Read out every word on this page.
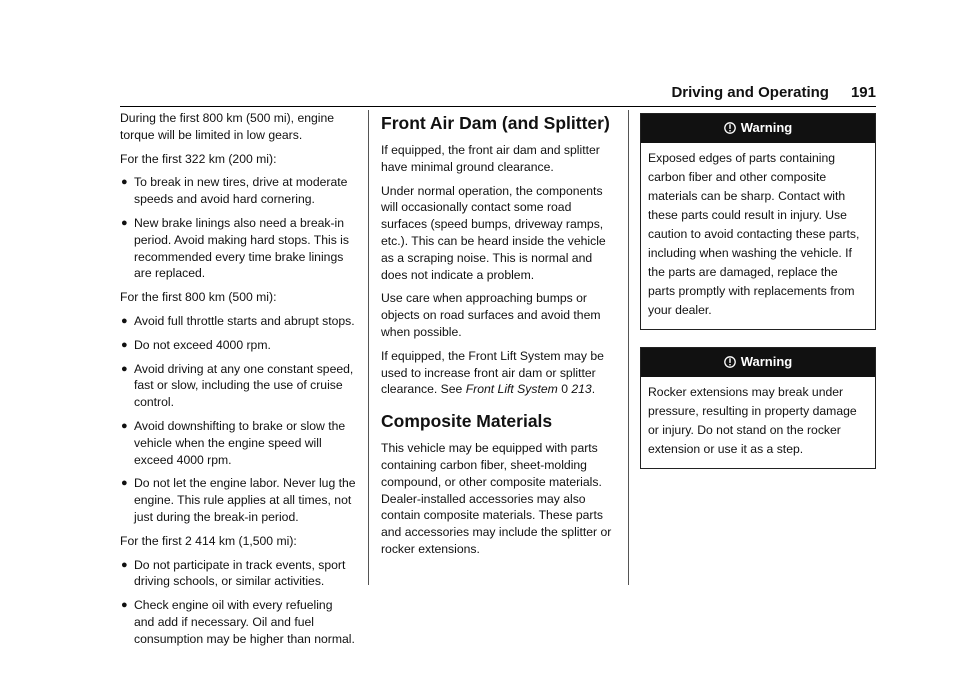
Driving and Operating 191

During the first 800 km (500 mi), engine torque will be limited in low gears.

For the first 322 km (200 mi):

● To break in new tires, drive at moderate speeds and avoid hard cornering.
● New brake linings also need a break-in period. Avoid making hard stops. This is recommended every time brake linings are replaced.

For the first 800 km (500 mi):

● Avoid full throttle starts and abrupt stops.
● Do not exceed 4000 rpm.
● Avoid driving at any one constant speed, fast or slow, including the use of cruise control.
● Avoid downshifting to brake or slow the vehicle when the engine speed will exceed 4000 rpm.
● Do not let the engine labor. Never lug the engine. This rule applies at all times, not just during the break-in period.

For the first 2 414 km (1,500 mi):

● Do not participate in track events, sport driving schools, or similar activities.
● Check engine oil with every refueling and add if necessary. Oil and fuel consumption may be higher than normal.
Front Air Dam (and Splitter)

If equipped, the front air dam and splitter have minimal ground clearance.

Under normal operation, the components will occasionally contact some road surfaces (speed bumps, driveway ramps, etc.). This can be heard inside the vehicle as a scraping noise. This is normal and does not indicate a problem.

Use care when approaching bumps or objects on road surfaces and avoid them when possible.

If equipped, the Front Lift System may be used to increase front air dam or splitter clearance. See Front Lift System 0 213.

Composite Materials

This vehicle may be equipped with parts containing carbon fiber, sheet-molding compound, or other composite materials. Dealer-installed accessories may also contain composite materials. These parts and accessories may include the splitter or rocker extensions.

Warning

Exposed edges of parts containing carbon fiber and other composite materials can be sharp. Contact with these parts could result in injury. Use caution to avoid contacting these parts, including when washing the vehicle. If the parts are damaged, replace the parts promptly with replacements from your dealer.

Warning

Rocker extensions may break under pressure, resulting in property damage or injury. Do not stand on the rocker extension or use it as a step.
